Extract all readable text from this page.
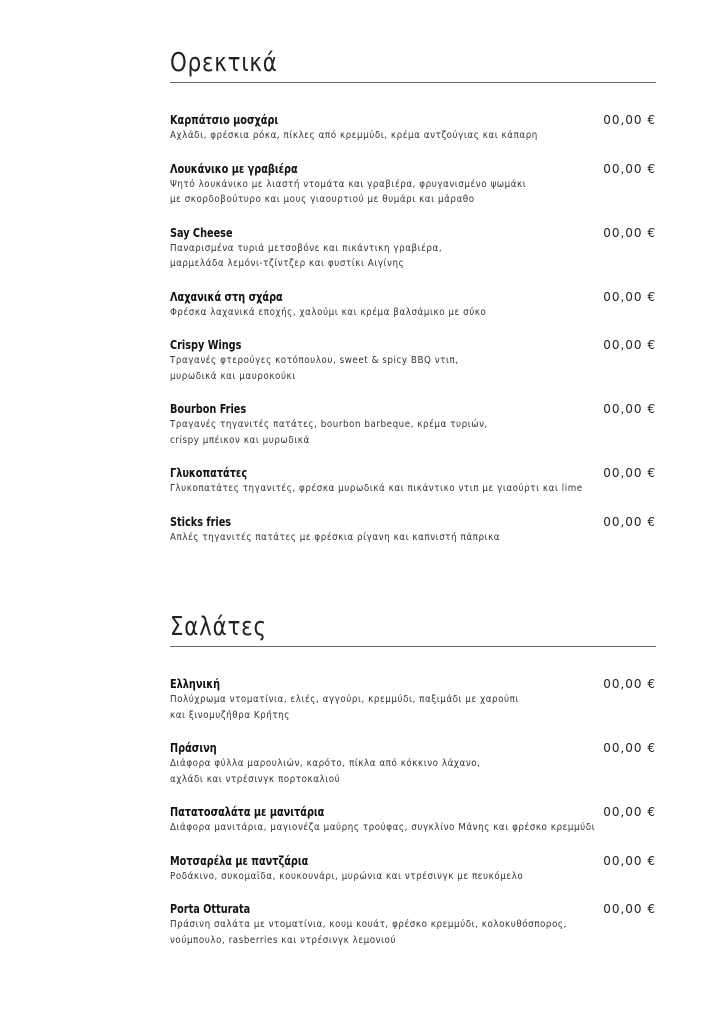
Ορεκτικά
Καρπάτσιο μοσχάρι	00,00 €
Αχλάδι, φρέσκια ρόκα, πίκλες από κρεμμύδι, κρέμα αντζούγιας και κάπαρη
Λουκάνικο με γραβιέρα	00,00 €
Ψητό λουκάνικο με λιαστή ντομάτα και γραβιέρα, φρυγανισμένο ψωμάκι
με σκορδοβούτυρο και μους γιαουρτιού με θυμάρι και μάραθο
Say Cheese	00,00 €
Παναρισμένα τυριά μετσοβόνε και πικάντικη γραβιέρα,
μαρμελάδα λεμόνι-τζίντζερ και φυστίκι Αιγίνης
Λαχανικά στη σχάρα	00,00 €
Φρέσκα λαχανικά εποχής, χαλούμι και κρέμα βαλσάμικο με σύκο
Crispy Wings	00,00 €
Τραγανές φτερούγες κοτόπουλου, sweet & spicy BBQ ντιπ,
μυρωδικά και μαυροκούκι
Bourbon Fries	00,00 €
Τραγανές τηγανιτές πατάτες, bourbon barbeque, κρέμα τυριών,
crispy μπέικον και μυρωδικά
Γλυκοπατάτες	00,00 €
Γλυκοπατάτες τηγανιτές, φρέσκα μυρωδικά και πικάντικο ντιπ με γιαούρτι και lime
Sticks fries	00,00 €
Απλές τηγανιτές πατάτες με φρέσκια ρίγανη και καπνιστή πάπρικα
Σαλάτες
Ελληνική	00,00 €
Πολύχρωμα ντοματίνια, ελιές, αγγούρι, κρεμμύδι, παξιμάδι με χαρούπι
και ξινομυζήθρα Κρήτης
Πράσινη	00,00 €
Διάφορα φύλλα μαρουλιών, καρότο, πίκλα από κόκκινο λάχανο,
αχλάδι και ντρέσινγκ πορτοκαλιού
Πατατοσαλάτα με μανιτάρια	00,00 €
Διάφορα μανιτάρια, μαγιονέζα μαύρης τρούφας, συγκλίνο Μάνης και φρέσκο κρεμμύδι
Μοτσαρέλα με παντζάρια	00,00 €
Ροδάκινο, συκομαϊδα, κουκουνάρι, μυρώνια και ντρέσινγκ με πευκόμελο
Porta Otturata	00,00 €
Πράσινη σαλάτα με ντοματίνια, κουμ κουάτ, φρέσκο κρεμμύδι, κολοκυθόσπορος,
νούμπουλο, rasberries και ντρέσινγκ λεμονιού
